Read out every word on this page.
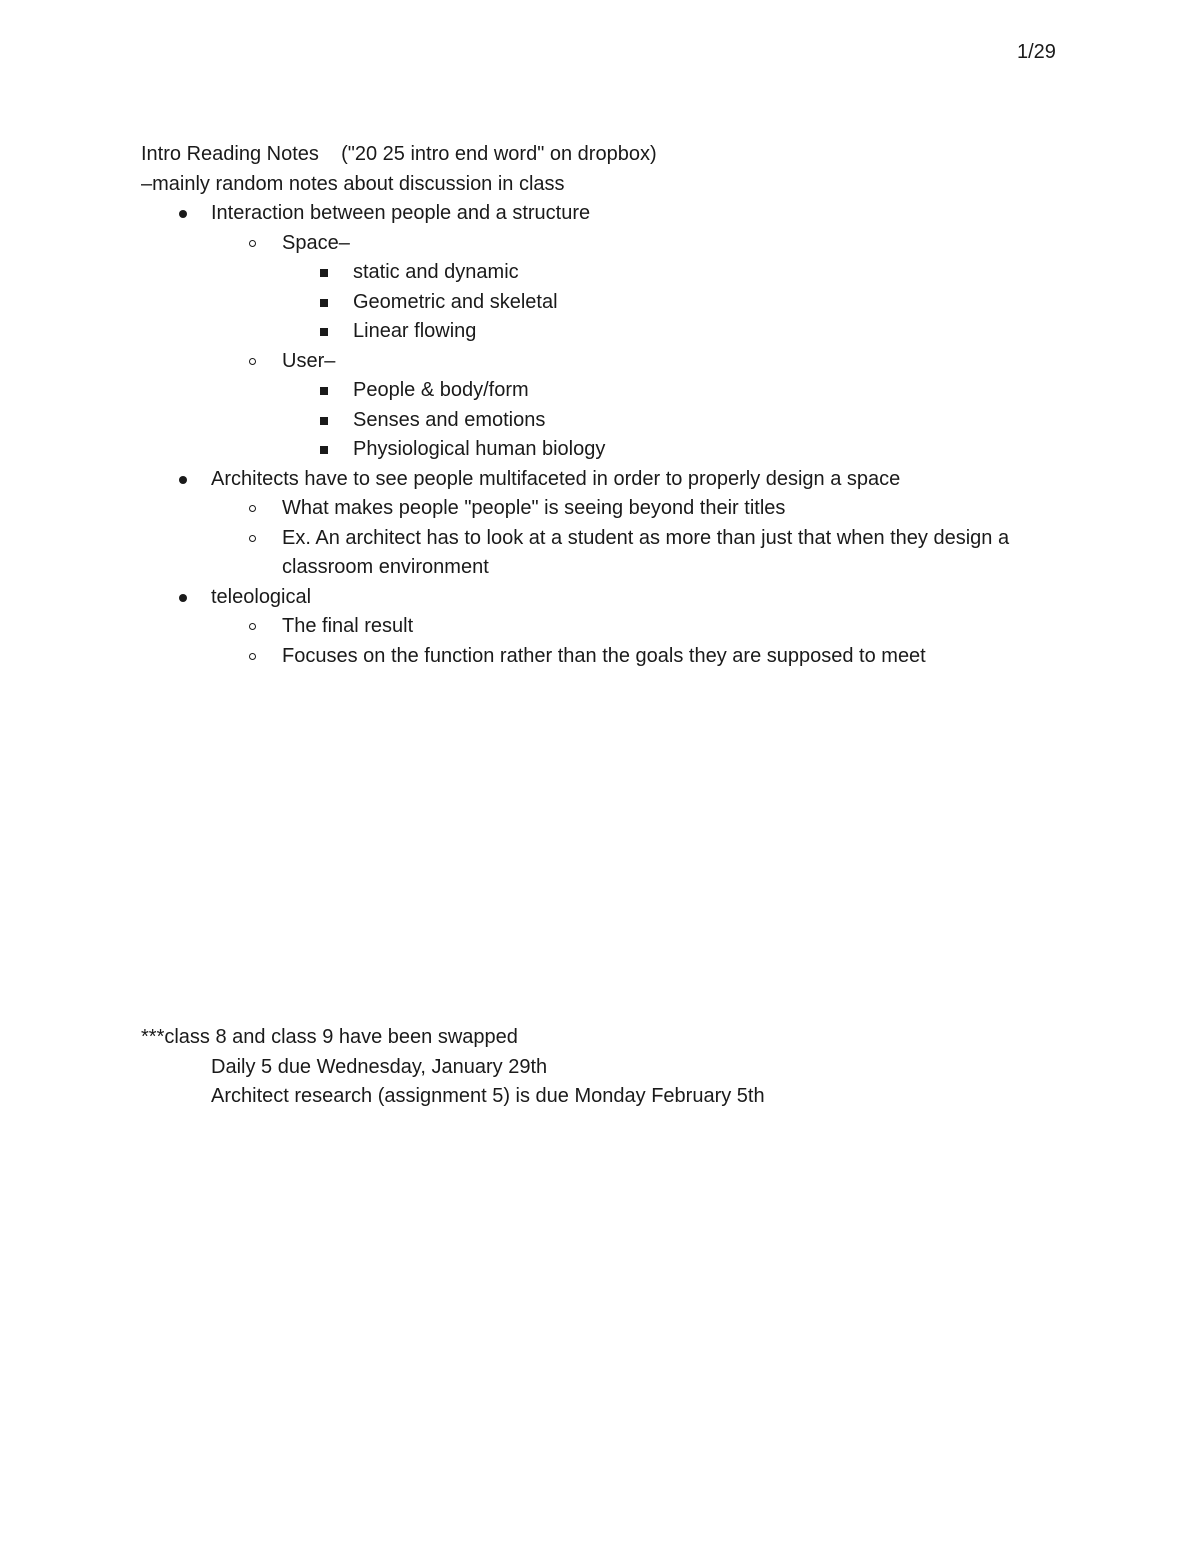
1/29
Intro Reading Notes    ("20 25 intro end word" on dropbox)
–mainly random notes about discussion in class
Interaction between people and a structure
Space–
static and dynamic
Geometric and skeletal
Linear flowing
User–
People & body/form
Senses and emotions
Physiological human biology
Architects have to see people multifaceted in order to properly design a space
What makes people "people" is seeing beyond their titles
Ex. An architect has to look at a student as more than just that when they design a classroom environment
teleological
The final result
Focuses on the function rather than the goals they are supposed to meet
***class 8 and class 9 have been swapped
Daily 5 due Wednesday, January 29th
Architect research (assignment 5) is due Monday February 5th
